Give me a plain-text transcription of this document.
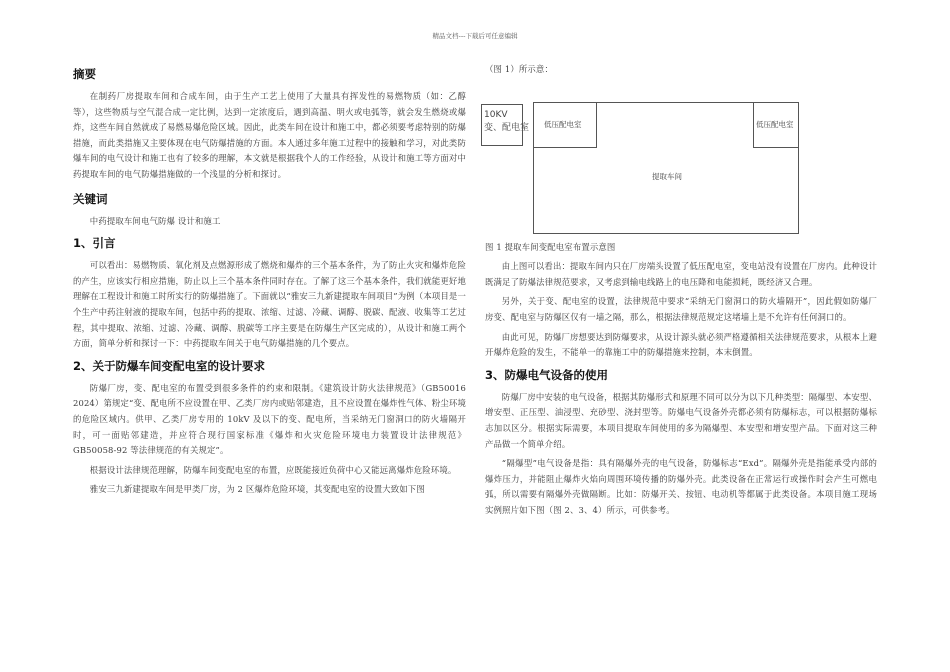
精品文档---下载后可任意编辑
摘要

在制药厂房提取车间和合成车间，由于生产工艺上使用了大量具有挥发性的易燃物质（如：乙醇等），这些物质与空气混合成一定比例，达到一定浓度后，遇到高温、明火或电弧等，就会发生燃烧或爆炸，这些车间自然就成了易燃易爆危险区域。因此，此类车间在设计和施工中，都必须要考虑特别的防爆措施，而此类措施又主要体现在电气防爆措施的方面。本人通过多年施工过程中的接触和学习，对此类防爆车间的电气设计和施工也有了较多的理解，本文就是根据我个人的工作经验，从设计和施工等方面对中药提取车间的电气防爆措施做的一个浅显的分析和探讨。

关键词

中药提取车间电气防爆 设计和施工

1、引言

可以看出：易燃物质、氧化剂及点燃源形成了燃烧和爆炸的三个基本条件，为了防止火灾和爆炸危险的产生，应该实行相应措施，防止以上三个基本条件同时存在。了解了这三个基本条件，我们就能更好地理解在工程设计和施工时所实行的防爆措施了。下面就以“雅安三九新建提取车间项目”为例（本项目是一个生产中药注射液的提取车间，包括中药的提取、浓缩、过滤、冷藏、调醇、脱碳、配液、收集等工艺过程，其中提取、浓缩、过滤、冷藏、调醇、脱碳等工序主要是在防爆生产区完成的），从设计和施工两个方面，简单分析和探讨一下：中药提取车间关于电气防爆措施的几个要点。

2、关于防爆车间变配电室的设计要求

防爆厂房，变、配电室的布置受到很多条件的约束和限制。《建筑设计防火法律规范》（GB50016 2024）第规定“变、配电所不应设置在甲、乙类厂房内或贴邻建造，且不应设置在爆炸性气体、粉尘环境的危险区域内。供甲、乙类厂房专用的 10kV 及以下的变、配电所，当采纳无门窗洞口的防火墙隔开时，可一面贴邻建造，并应符合现行国家标准《爆炸和火灾危险环境电力装置设计法律规范》GB50058-92 等法律规范的有关规定”。

根据设计法律规范理解，防爆车间变配电室的布置，应既能接近负荷中心又能远离爆炸危险环境。

雅安三九新建提取车间是甲类厂房，为 2 区爆炸危险环境，其变配电室的设置大致如下图

（图 1）所示意：

10KV
变、配电室
提取车间
低压配电室	低压配电室

图 1 提取车间变配电室布置示意图

由上图可以看出：提取车间内只在厂房端头设置了低压配电室，变电站没有设置在厂房内。此种设计既满足了防爆法律规范要求，又考虑到输电线路上的电压降和电能损耗，既经济又合理。

另外，关于变、配电室的设置，法律规范中要求“采纳无门窗洞口的防火墙隔开”，因此假如防爆厂房变、配电室与防爆区仅有一墙之隔，那么，根据法律规范规定这堵墙上是不允许有任何洞口的。

由此可见，防爆厂房想要达到防爆要求，从设计源头就必须严格遵循相关法律规范要求，从根本上避开爆炸危险的发生，不能单一的靠施工中的防爆措施来控制，本末倒置。

3、防爆电气设备的使用

防爆厂房中安装的电气设备，根据其防爆形式和原理不同可以分为以下几种类型：隔爆型、本安型、增安型、正压型、油浸型、充砂型、浇封型等。防爆电气设备外壳都必须有防爆标志，可以根据防爆标志加以区分。根据实际需要，本项目提取车间使用的多为隔爆型、本安型和增安型产品。下面对这三种产品做一个简单介绍。

“隔爆型”电气设备是指：具有隔爆外壳的电气设备，防爆标志“Exd”。隔爆外壳是指能承受内部的爆炸压力，并能阻止爆炸火焰向周围环境传播的防爆外壳。此类设备在正常运行或操作时会产生可燃电弧，所以需要有隔爆外壳做隔断。比如：防爆开关、按钮、电动机等都属于此类设备。本项目施工现场实例照片如下图（图 2、3、4）所示，可供参考。
